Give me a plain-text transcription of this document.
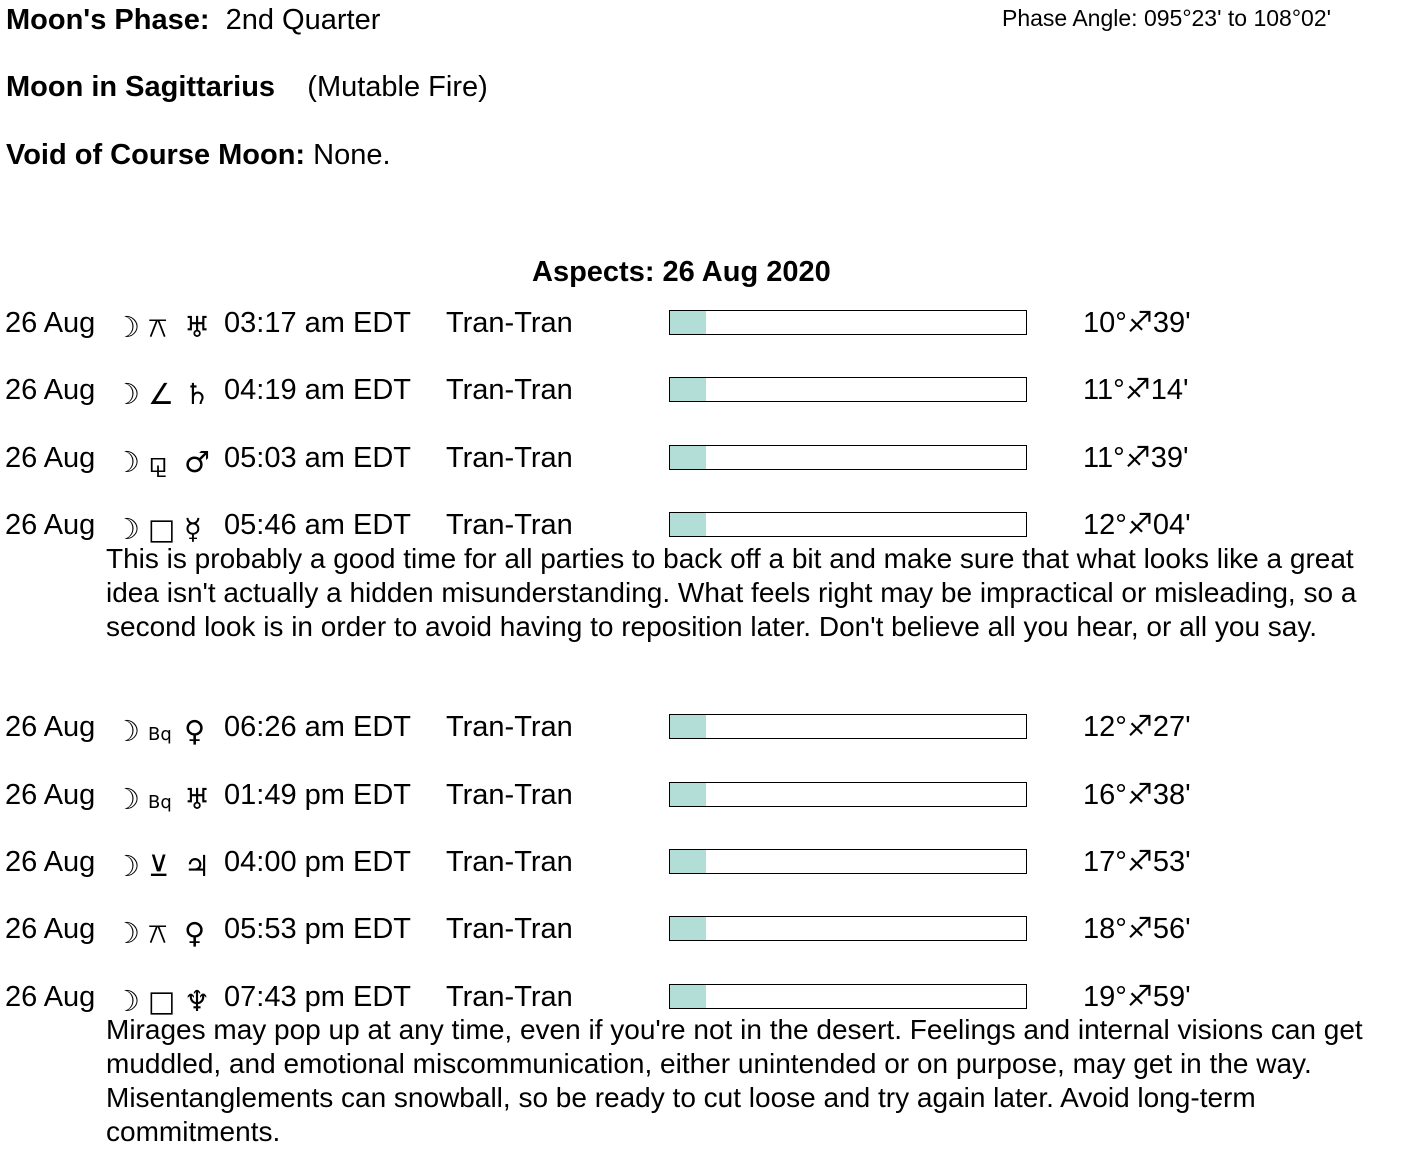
Moon's Phase: 2nd Quarter	Phase Angle: 095°23' to 108°02'
Moon in Sagittarius (Mutable Fire)
Void of Course Moon: None.
Aspects: 26 Aug 2020
26 Aug ☽ ⚻ ♅ 03:17 am EDT Tran-Tran	10°♐39'
26 Aug ☽ ∠ ♄ 04:19 am EDT Tran-Tran	11°♐14'
26 Aug ☽ ⚼ ♂ 05:03 am EDT Tran-Tran	11°♐39'
26 Aug ☽ □ ☿ 05:46 am EDT Tran-Tran	12°♐04'

This is probably a good time for all parties to back off a bit and make sure that what looks like a great idea isn't actually a hidden misunderstanding. What feels right may be impractical or misleading, so a second look is in order to avoid having to reposition later. Don't believe all you hear, or all you say.

26 Aug ☽ Bq ♀ 06:26 am EDT Tran-Tran	12°♐27'
26 Aug ☽ Bq ♅ 01:49 pm EDT Tran-Tran	16°♐38'
26 Aug ☽ ⊻ ♃ 04:00 pm EDT Tran-Tran	17°♐53'
26 Aug ☽ ⚻ ♀ 05:53 pm EDT Tran-Tran	18°♐56'
26 Aug ☽ □ ♆ 07:43 pm EDT Tran-Tran	19°♐59'

Mirages may pop up at any time, even if you're not in the desert. Feelings and internal visions can get muddled, and emotional miscommunication, either unintended or on purpose, may get in the way. Misentanglements can snowball, so be ready to cut loose and try again later. Avoid long-term commitments.
